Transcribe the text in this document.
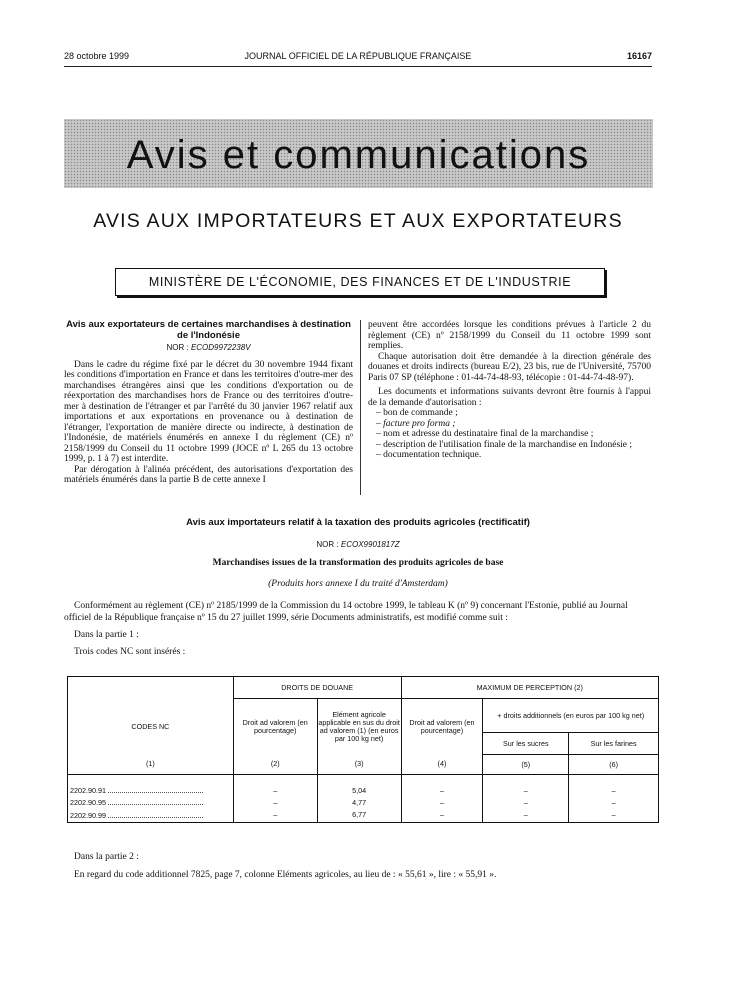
28 octobre 1999	JOURNAL OFFICIEL DE LA RÉPUBLIQUE FRANÇAISE	16167
Avis et communications
AVIS AUX IMPORTATEURS ET AUX EXPORTATEURS
MINISTÈRE DE L'ÉCONOMIE, DES FINANCES ET DE L'INDUSTRIE
Avis aux exportateurs de certaines marchandises à destination de l'Indonésie
NOR : ECOD9972238V

Dans le cadre du régime fixé par le décret du 30 novembre 1944 fixant les conditions d'importation en France et dans les territoires d'outre-mer des marchandises étrangères ainsi que les conditions d'exportation ou de réexportation des marchandises hors de France ou des territoires d'outre-mer à destination de l'étranger et par l'arrêté du 30 janvier 1967 relatif aux importations et aux exportations en provenance ou à destination de l'étranger, l'exportation de manière directe ou indirecte, à destination de l'Indonésie, de matériels énumérés en annexe I du règlement (CE) nº 2158/1999 du Conseil du 11 octobre 1999 (JOCE nº L 265 du 13 octobre 1999, p. 1 à 7) est interdite.

Par dérogation à l'alinéa précédent, des autorisations d'exportation des matériels énumérés dans la partie B de cette annexe I

peuvent être accordées lorsque les conditions prévues à l'article 2 du règlement (CE) nº 2158/1999 du Conseil du 11 octobre 1999 sont remplies.

Chaque autorisation doit être demandée à la direction générale des douanes et droits indirects (bureau E/2), 23 bis, rue de l'Université, 75700 Paris 07 SP (téléphone : 01-44-74-48-93, télécopie : 01-44-74-48-97).

Les documents et informations suivants devront être fournis à l'appui de la demande d'autorisation :

– bon de commande ;
– facture pro forma ;
– nom et adresse du destinataire final de la marchandise ;
– description de l'utilisation finale de la marchandise en Indonésie ;
– documentation technique.
Avis aux importateurs relatif à la taxation des produits agricoles (rectificatif)
NOR : ECOX9901817Z
Marchandises issues de la transformation des produits agricoles de base
(Produits hors annexe I du traité d'Amsterdam)

Conformément au règlement (CE) nº 2185/1999 de la Commission du 14 octobre 1999, le tableau K (nº 9) concernant l'Estonie, publié au Journal officiel de la République française nº 15 du 27 juillet 1999, série Documents administratifs, est modifié comme suit :

Dans la partie 1 :

Trois codes NC sont insérés :

CODES NC	DROITS DE DOUANE		MAXIMUM DE PERCEPTION (2)		
	Droit ad valorem (en pourcentage)	Elément agricole applicable en sus du droit ad valorem (1) (en euros par 100 kg net)	Droit ad valorem (en pourcentage)	+ droits additionnels (en euros par 100 kg net)	
				Sur les sucres	Sur les farines
(1)	(2)	(3)	(4)	(5)	(6)

2202.90.91	–	5,04	–	–	–
2202.90.95	–	4,77	–	–	–
2202.90.99	–	6,77	–	–	–

Dans la partie 2 :

En regard du code additionnel 7825, page 7, colonne Eléments agricoles, au lieu de : « 55,61 », lire : « 55,91 ».
